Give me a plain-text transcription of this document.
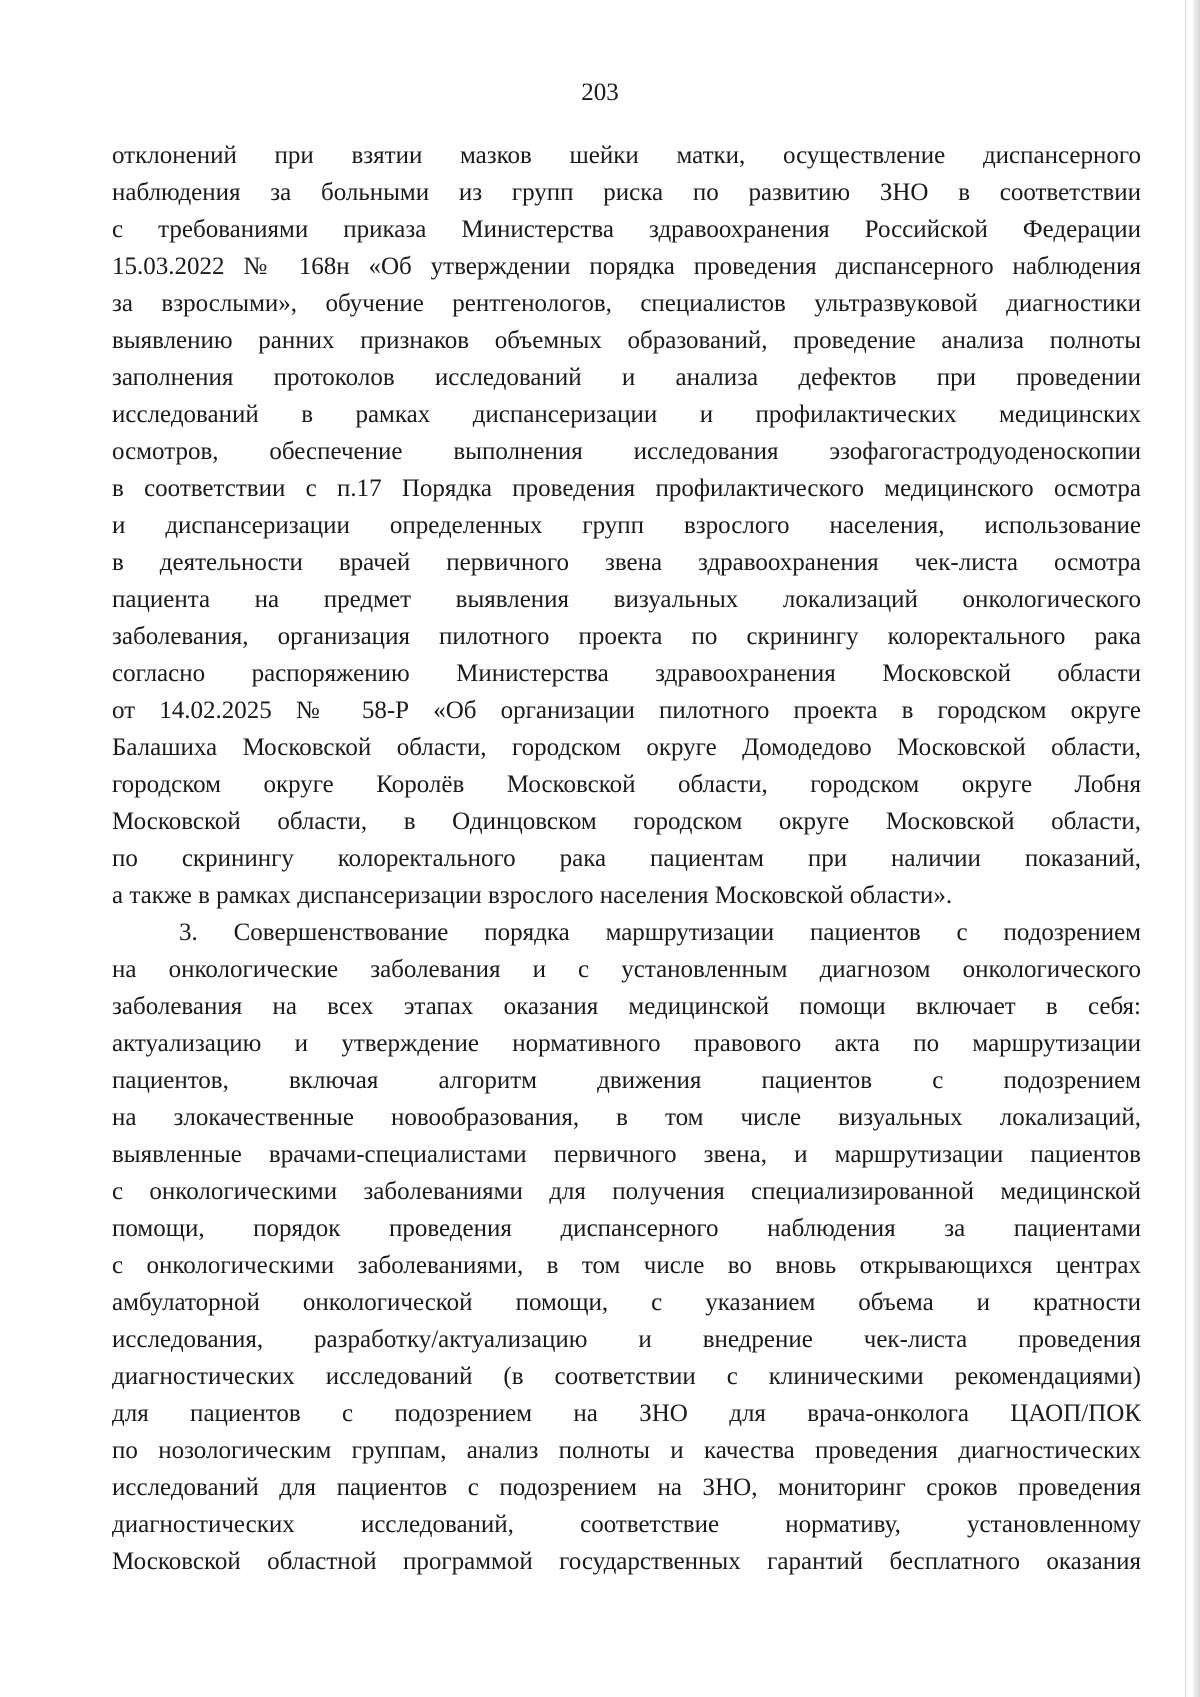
203
отклонений при взятии мазков шейки матки, осуществление диспансерного
наблюдения за больными из групп риска по развитию ЗНО в соответствии
с требованиями приказа Министерства здравоохранения Российской Федерации
15.03.2022 № 168н «Об утверждении порядка проведения диспансерного наблюдения
за взрослыми», обучение рентгенологов, специалистов ультразвуковой диагностики
выявлению ранних признаков объемных образований, проведение анализа полноты
заполнения протоколов исследований и анализа дефектов при проведении
исследований в рамках диспансеризации и профилактических медицинских
осмотров, обеспечение выполнения исследования эзофагогастродуоденоскопии
в соответствии с п.17 Порядка проведения профилактического медицинского осмотра
и диспансеризации определенных групп взрослого населения, использование
в деятельности врачей первичного звена здравоохранения чек-листа осмотра
пациента на предмет выявления визуальных локализаций онкологического
заболевания, организация пилотного проекта по скринингу колоректального рака
согласно распоряжению Министерства здравоохранения Московской области
от 14.02.2025 № 58-Р «Об организации пилотного проекта в городском округе
Балашиха Московской области, городском округе Домодедово Московской области,
городском округе Королёв Московской области, городском округе Лобня
Московской области, в Одинцовском городском округе Московской области,
по скринингу колоректального рака пациентам при наличии показаний,
а также в рамках диспансеризации взрослого населения Московской области».
3. Совершенствование порядка маршрутизации пациентов с подозрением
на онкологические заболевания и с установленным диагнозом онкологического
заболевания на всех этапах оказания медицинской помощи включает в себя:
актуализацию и утверждение нормативного правового акта по маршрутизации
пациентов, включая алгоритм движения пациентов с подозрением
на злокачественные новообразования, в том числе визуальных локализаций,
выявленные врачами-специалистами первичного звена, и маршрутизации пациентов
с онкологическими заболеваниями для получения специализированной медицинской
помощи, порядок проведения диспансерного наблюдения за пациентами
с онкологическими заболеваниями, в том числе во вновь открывающихся центрах
амбулаторной онкологической помощи, с указанием объема и кратности
исследования, разработку/актуализацию и внедрение чек-листа проведения
диагностических исследований (в соответствии с клиническими рекомендациями)
для пациентов с подозрением на ЗНО для врача-онколога ЦАОП/ПОК
по нозологическим группам, анализ полноты и качества проведения диагностических
исследований для пациентов с подозрением на ЗНО, мониторинг сроков проведения
диагностических исследований, соответствие нормативу, установленному
Московской областной программой государственных гарантий бесплатного оказания
